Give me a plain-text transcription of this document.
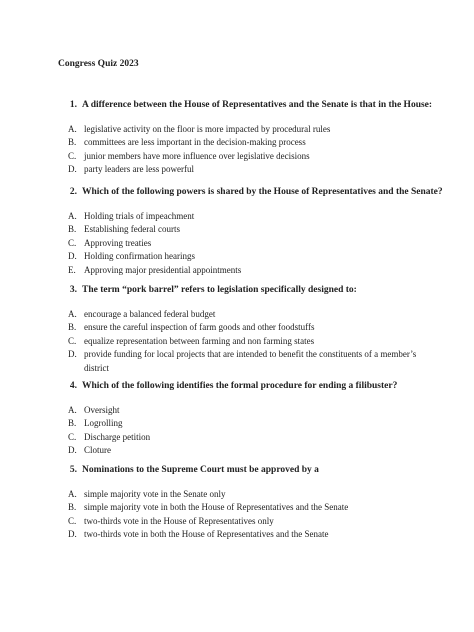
Congress Quiz 2023
1. A difference between the House of Representatives and the Senate is that in the House:
A. legislative activity on the floor is more impacted by procedural rules
B. committees are less important in the decision-making process
C. junior members have more influence over legislative decisions
D. party leaders are less powerful
2. Which of the following powers is shared by the House of Representatives and the Senate?
A. Holding trials of impeachment
B. Establishing federal courts
C. Approving treaties
D. Holding confirmation hearings
E. Approving major presidential appointments
3. The term “pork barrel” refers to legislation specifically designed to:
A. encourage a balanced federal budget
B. ensure the careful inspection of farm goods and other foodstuffs
C. equalize representation between farming and non farming states
D. provide funding for local projects that are intended to benefit the constituents of a member’s district
4. Which of the following identifies the formal procedure for ending a filibuster?
A. Oversight
B. Logrolling
C. Discharge petition
D. Cloture
5. Nominations to the Supreme Court must be approved by a
A. simple majority vote in the Senate only
B. simple majority vote in both the House of Representatives and the Senate
C. two-thirds vote in the House of Representatives only
D. two-thirds vote in both the House of Representatives and the Senate
